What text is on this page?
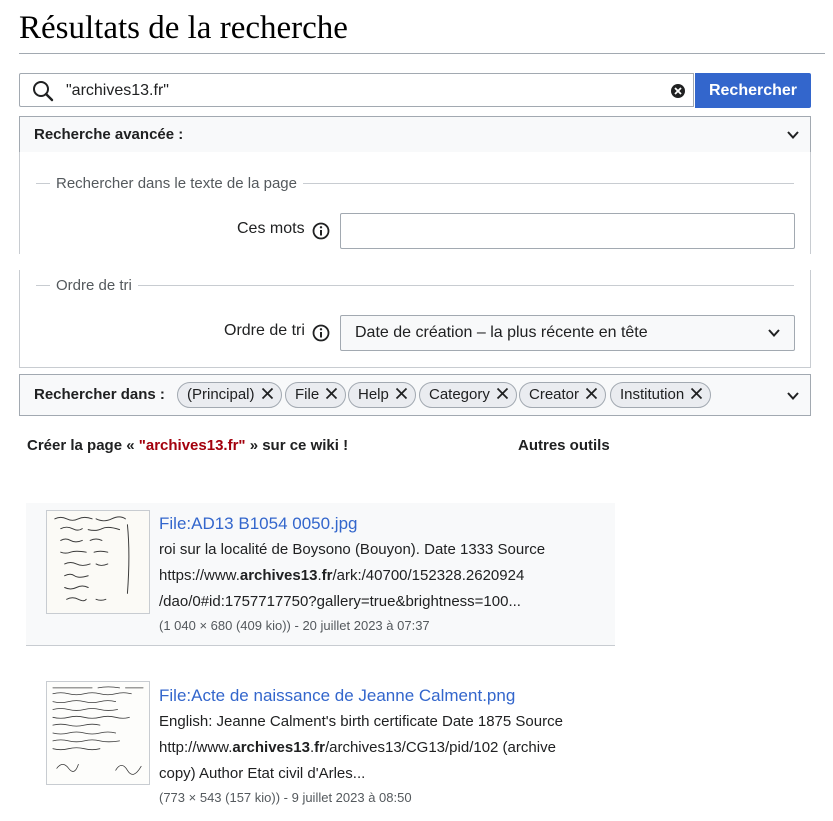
Résultats de la recherche
"archives13.fr"	Rechercher
Recherche avancée :
Rechercher dans le texte de la page
Ces mots
Ordre de tri
Ordre de tri	Date de création – la plus récente en tête
Rechercher dans :	(Principal)	File	Help	Category	Creator	Institution
Créer la page « "archives13.fr" » sur ce wiki !	Autres outils
File:AD13 B1054 0050.jpg
roi sur la localité de Boysono (Bouyon). Date 1333 Source
https://www.archives13.fr/ark:/40700/152328.2620924
/dao/0#id:1757717750?gallery=true&brightness=100...
(1 040 × 680 (409 kio)) - 20 juillet 2023 à 07:37
File:Acte de naissance de Jeanne Calment.png
English: Jeanne Calment's birth certificate Date 1875 Source
http://www.archives13.fr/archives13/CG13/pid/102 (archive
copy) Author Etat civil d'Arles...
(773 × 543 (157 kio)) - 9 juillet 2023 à 08:50
